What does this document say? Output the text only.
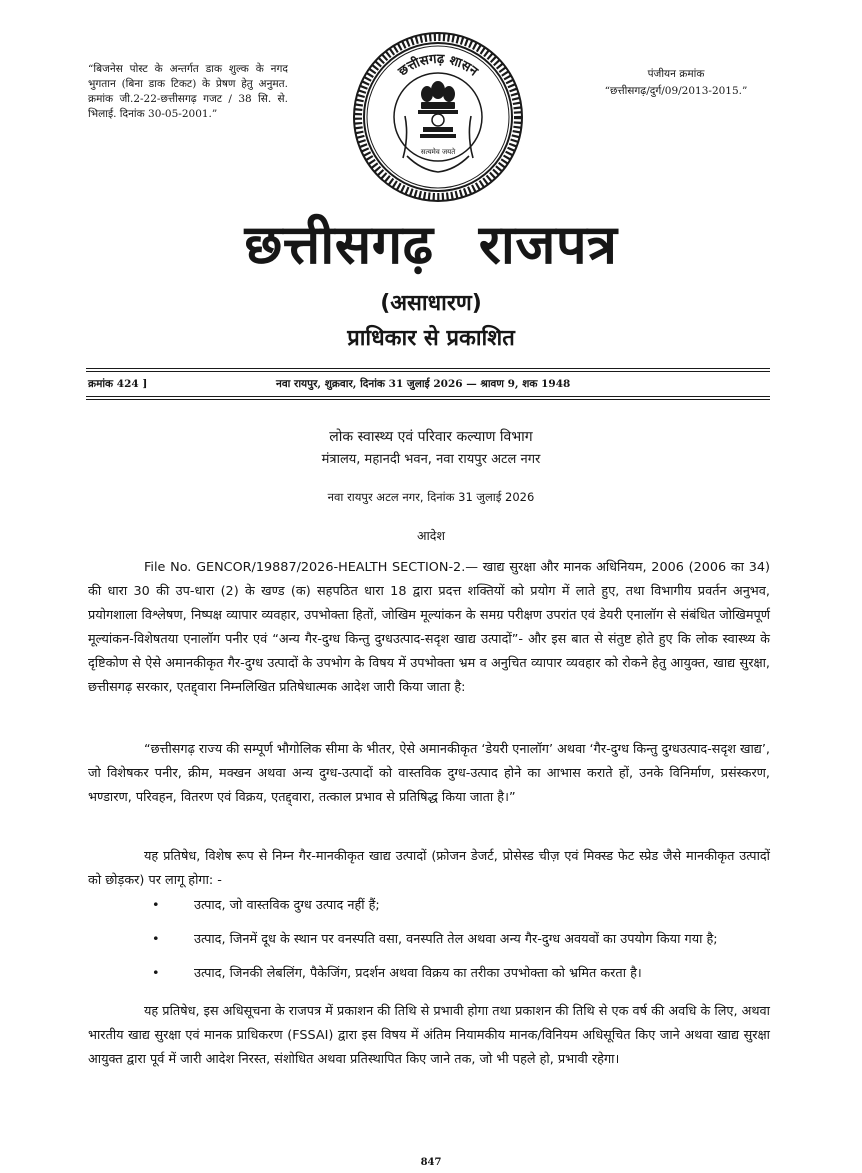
“बिजनेस पोस्ट के अन्तर्गत डाक शुल्क के नगद भुगतान (बिना डाक टिकट) के प्रेषण हेतु अनुमत. क्रमांक जी.2-22-छत्तीसगढ़ गजट / 38 सि. से. भिलाई. दिनांक 30-05-2001.”
पंजीयन क्रमांक
“छत्तीसगढ़/दुर्ग/09/2013-2015.”
छत्तीसगढ़ शासन
सत्यमेव जयते
छत्तीसगढ़ राजपत्र
(असाधारण)
प्राधिकार से प्रकाशित
क्रमांक 424 ]	नवा रायपुर, शुक्रवार, दिनांक 31 जुलाई 2026 — श्रावण 9, शक 1948
लोक स्वास्थ्य एवं परिवार कल्याण विभाग
मंत्रालय, महानदी भवन, नवा रायपुर अटल नगर
नवा रायपुर अटल नगर, दिनांक 31 जुलाई 2026
आदेश
File No. GENCOR/19887/2026-HEALTH SECTION-2.— खाद्य सुरक्षा और मानक अधिनियम, 2006 (2006 का 34) की धारा 30 की उप-धारा (2) के खण्ड (क) सहपठित धारा 18 द्वारा प्रदत्त शक्तियों को प्रयोग में लाते हुए, तथा विभागीय प्रवर्तन अनुभव, प्रयोगशाला विश्लेषण, निष्पक्ष व्यापार व्यवहार, उपभोक्ता हितों, जोखिम मूल्यांकन के समग्र परीक्षण उपरांत एवं डेयरी एनालॉग से संबंधित जोखिमपूर्ण मूल्यांकन-विशेषतया एनालॉग पनीर एवं “अन्य गैर-दुग्ध किन्तु दुग्धउत्पाद-सदृश खाद्य उत्पादों”- और इस बात से संतुष्ट होते हुए कि लोक स्वास्थ्य के दृष्टिकोण से ऐसे अमानकीकृत गैर-दुग्ध उत्पादों के उपभोग के विषय में उपभोक्ता भ्रम व अनुचित व्यापार व्यवहार को रोकने हेतु आयुक्त, खाद्य सुरक्षा, छत्तीसगढ़ सरकार, एतद्द्वारा निम्नलिखित प्रतिषेधात्मक आदेश जारी किया जाता है:
“छत्तीसगढ़ राज्य की सम्पूर्ण भौगोलिक सीमा के भीतर, ऐसे अमानकीकृत ‘डेयरी एनालॉग’ अथवा ‘गैर-दुग्ध किन्तु दुग्धउत्पाद-सदृश खाद्य’, जो विशेषकर पनीर, क्रीम, मक्खन अथवा अन्य दुग्ध-उत्पादों को वास्तविक दुग्ध-उत्पाद होने का आभास कराते हों, उनके विनिर्माण, प्रसंस्करण, भण्डारण, परिवहन, वितरण एवं विक्रय, एतद्द्वारा, तत्काल प्रभाव से प्रतिषिद्ध किया जाता है।”
यह प्रतिषेध, विशेष रूप से निम्न गैर-मानकीकृत खाद्य उत्पादों (फ्रोजन डेजर्ट, प्रोसेस्ड चीज़ एवं मिक्स्ड फेट स्प्रेड जैसे मानकीकृत उत्पादों को छोड़कर) पर लागू होगा: -
•	उत्पाद, जो वास्तविक दुग्ध उत्पाद नहीं हैं;
•	उत्पाद, जिनमें दूध के स्थान पर वनस्पति वसा, वनस्पति तेल अथवा अन्य गैर-दुग्ध अवयवों का उपयोग किया गया है;
•	उत्पाद, जिनकी लेबलिंग, पैकेजिंग, प्रदर्शन अथवा विक्रय का तरीका उपभोक्ता को भ्रमित करता है।
यह प्रतिषेध, इस अधिसूचना के राजपत्र में प्रकाशन की तिथि से प्रभावी होगा तथा प्रकाशन की तिथि से एक वर्ष की अवधि के लिए, अथवा भारतीय खाद्य सुरक्षा एवं मानक प्राधिकरण (FSSAI) द्वारा इस विषय में अंतिम नियामकीय मानक/विनियम अधिसूचित किए जाने अथवा खाद्य सुरक्षा आयुक्त द्वारा पूर्व में जारी आदेश निरस्त, संशोधित अथवा प्रतिस्थापित किए जाने तक, जो भी पहले हो, प्रभावी रहेगा।
847
